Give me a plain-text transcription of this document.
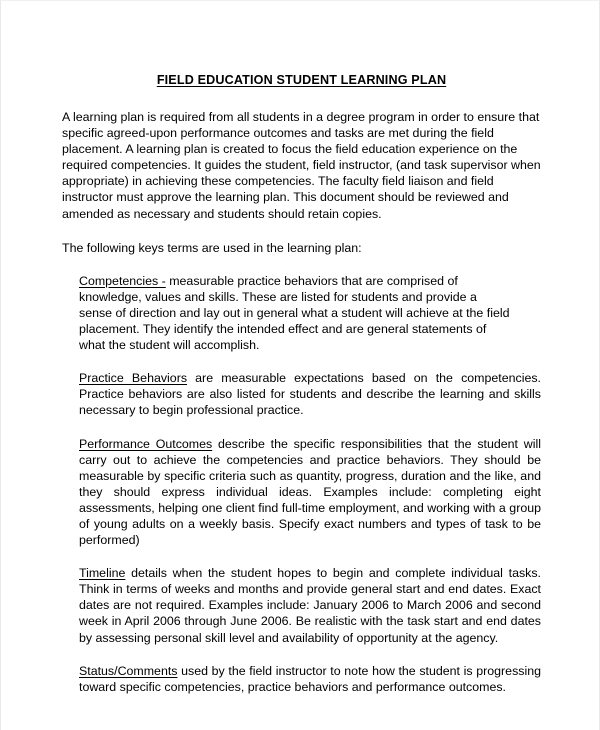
FIELD EDUCATION STUDENT LEARNING PLAN

A learning plan is required from all students in a degree program in order to ensure that specific agreed-upon performance outcomes and tasks are met during the field placement. A learning plan is created to focus the field education experience on the required competencies. It guides the student, field instructor, (and task supervisor when appropriate) in achieving these competencies. The faculty field liaison and field instructor must approve the learning plan. This document should be reviewed and amended as necessary and students should retain copies.

The following keys terms are used in the learning plan:

Competencies - measurable practice behaviors that are comprised of knowledge, values and skills. These are listed for students and provide a sense of direction and lay out in general what a student will achieve at the field placement. They identify the intended effect and are general statements of what the student will accomplish.

Practice Behaviors are measurable expectations based on the competencies. Practice behaviors are also listed for students and describe the learning and skills necessary to begin professional practice.

Performance Outcomes describe the specific responsibilities that the student will carry out to achieve the competencies and practice behaviors. They should be measurable by specific criteria such as quantity, progress, duration and the like, and they should express individual ideas. Examples include: completing eight assessments, helping one client find full-time employment, and working with a group of young adults on a weekly basis. Specify exact numbers and types of task to be performed)

Timeline details when the student hopes to begin and complete individual tasks. Think in terms of weeks and months and provide general start and end dates. Exact dates are not required. Examples include: January 2006 to March 2006 and second week in April 2006 through June 2006. Be realistic with the task start and end dates by assessing personal skill level and availability of opportunity at the agency.

Status/Comments used by the field instructor to note how the student is progressing toward specific competencies, practice behaviors and performance outcomes.
